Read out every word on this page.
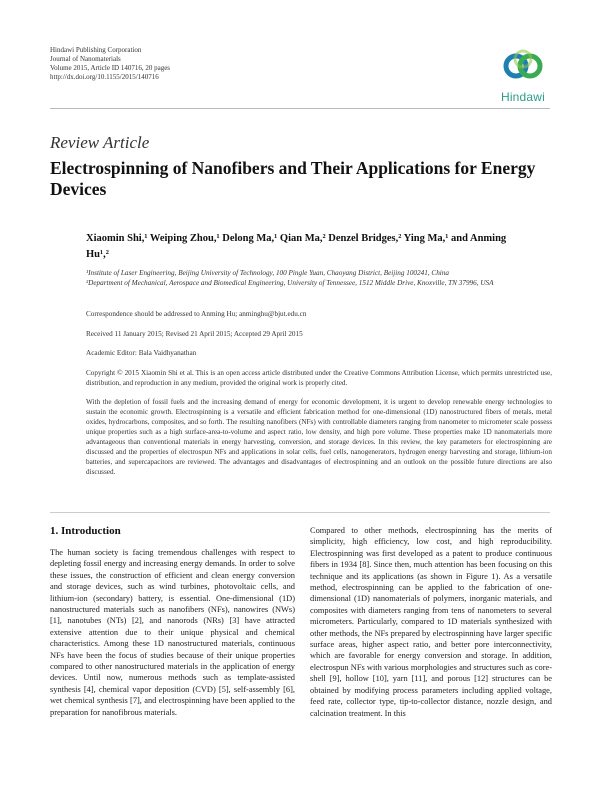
Hindawi Publishing Corporation
Journal of Nanomaterials
Volume 2015, Article ID 140716, 20 pages
http://dx.doi.org/10.1155/2015/140716
Hindawi
Review Article
Electrospinning of Nanofibers and Their Applications for Energy Devices
Xiaomin Shi,¹ Weiping Zhou,¹ Delong Ma,¹ Qian Ma,² Denzel Bridges,² Ying Ma,¹ and Anming Hu¹,²
¹Institute of Laser Engineering, Beijing University of Technology, 100 Pingle Yuan, Chaoyang District, Beijing 100241, China
²Department of Mechanical, Aerospace and Biomedical Engineering, University of Tennessee, 1512 Middle Drive, Knoxville, TN 37996, USA
Correspondence should be addressed to Anming Hu; anminghu@bjut.edu.cn
Received 11 January 2015; Revised 21 April 2015; Accepted 29 April 2015
Academic Editor: Bala Vaidhyanathan
Copyright © 2015 Xiaomin Shi et al. This is an open access article distributed under the Creative Commons Attribution License, which permits unrestricted use, distribution, and reproduction in any medium, provided the original work is properly cited.
With the depletion of fossil fuels and the increasing demand of energy for economic development, it is urgent to develop renewable energy technologies to sustain the economic growth. Electrospinning is a versatile and efficient fabrication method for one-dimensional (1D) nanostructured fibers of metals, metal oxides, hydrocarbons, composites, and so forth. The resulting nanofibers (NFs) with controllable diameters ranging from nanometer to micrometer scale possess unique properties such as a high surface-area-to-volume and aspect ratio, low density, and high pore volume. These properties make 1D nanomaterials more advantageous than conventional materials in energy harvesting, conversion, and storage devices. In this review, the key parameters for electrospinning are discussed and the properties of electrospun NFs and applications in solar cells, fuel cells, nanogenerators, hydrogen energy harvesting and storage, lithium-ion batteries, and supercapacitors are reviewed. The advantages and disadvantages of electrospinning and an outlook on the possible future directions are also discussed.
1. Introduction

The human society is facing tremendous challenges with respect to depleting fossil energy and increasing energy demands. In order to solve these issues, the construction of efficient and clean energy conversion and storage devices, such as wind turbines, photovoltaic cells, and lithium-ion (secondary) battery, is essential. One-dimensional (1D) nanostructured materials such as nanofibers (NFs), nanowires (NWs) [1], nanotubes (NTs) [2], and nanorods (NRs) [3] have attracted extensive attention due to their unique physical and chemical characteristics. Among these 1D nanostructured materials, continuous NFs have been the focus of studies because of their unique properties compared to other nanostructured materials in the application of energy devices. Until now, numerous methods such as template-assisted synthesis [4], chemical vapor deposition (CVD) [5], self-assembly [6], wet chemical synthesis [7], and electrospinning have been applied to the preparation for nanofibrous materials.

Compared to other methods, electrospinning has the merits of simplicity, high efficiency, low cost, and high reproducibility. Electrospinning was first developed as a patent to produce continuous fibers in 1934 [8]. Since then, much attention has been focusing on this technique and its applications (as shown in Figure 1). As a versatile method, electrospinning can be applied to the fabrication of one-dimensional (1D) nanomaterials of polymers, inorganic materials, and composites with diameters ranging from tens of nanometers to several micrometers. Particularly, compared to 1D materials synthesized with other methods, the NFs prepared by electrospinning have larger specific surface areas, higher aspect ratio, and better pore interconnectivity, which are favorable for energy conversion and storage. In addition, electrospun NFs with various morphologies and structures such as core-shell [9], hollow [10], yarn [11], and porous [12] structures can be obtained by modifying process parameters including applied voltage, feed rate, collector type, tip-to-collector distance, nozzle design, and calcination treatment. In this
